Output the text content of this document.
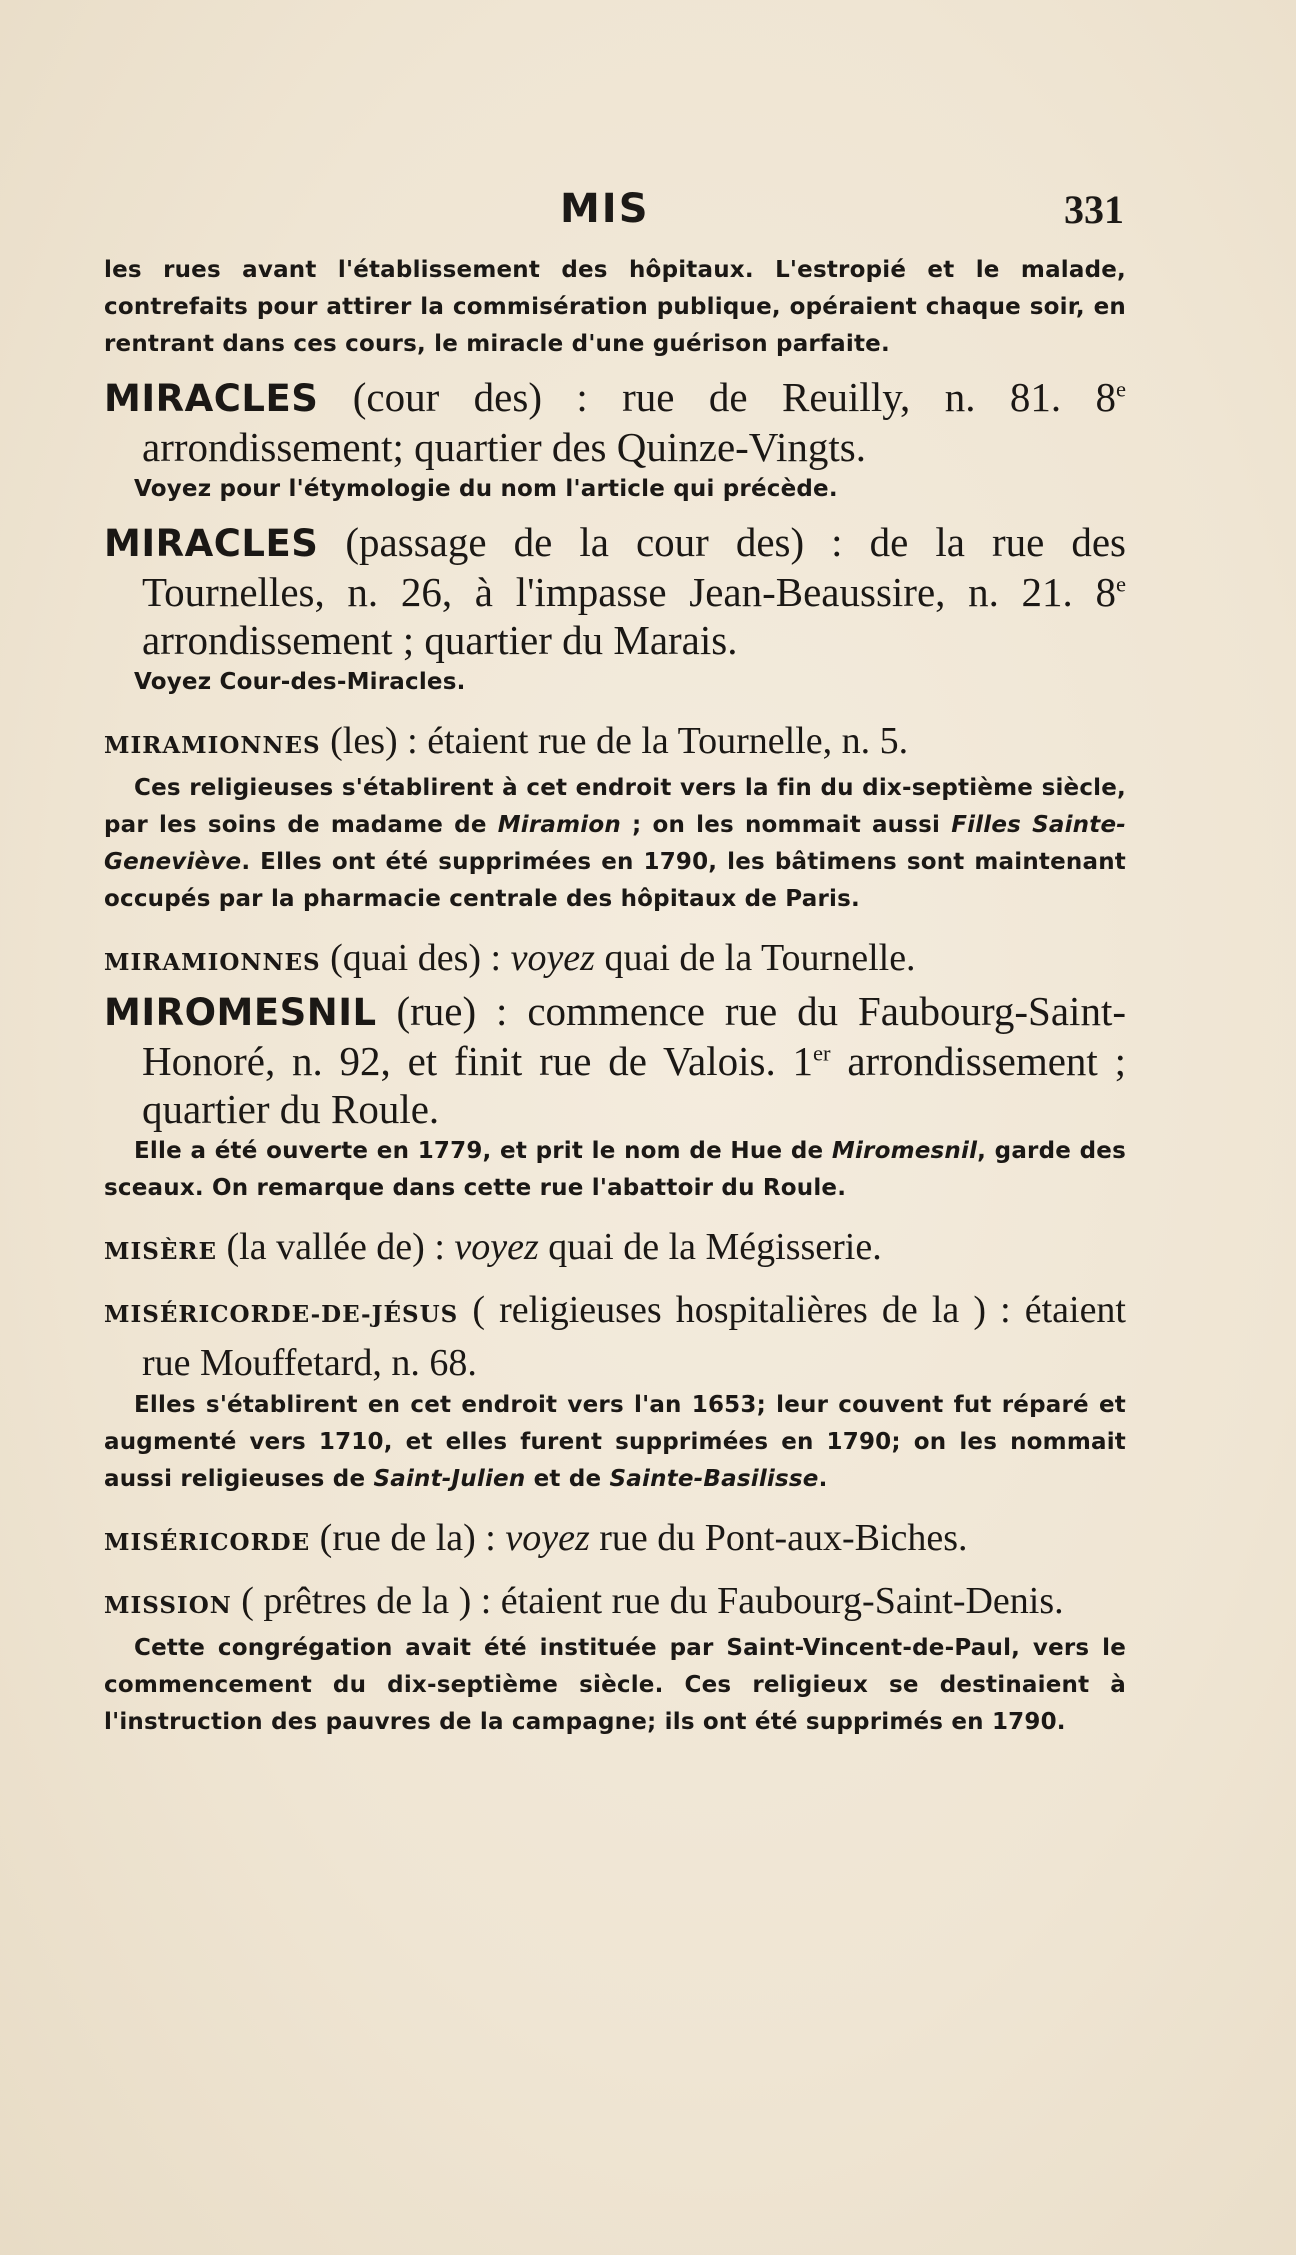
MIS	331

les rues avant l'établissement des hôpitaux. L'estropié et le malade, contrefaits pour attirer la commisération publique, opéraient chaque soir, en rentrant dans ces cours, le miracle d'une guérison parfaite.

MIRACLES (cour des) : rue de Reuilly, n. 81. 8e arrondissement; quartier des Quinze-Vingts.

Voyez pour l'étymologie du nom l'article qui précède.

MIRACLES (passage de la cour des) : de la rue des Tournelles, n. 26, à l'impasse Jean-Beaussire, n. 21. 8e arrondissement ; quartier du Marais.

Voyez Cour-des-Miracles.

MIRAMIONNES (les) : étaient rue de la Tournelle, n. 5.

Ces religieuses s'établirent à cet endroit vers la fin du dix-septième siècle, par les soins de madame de Miramion ; on les nommait aussi Filles Sainte-Geneviève. Elles ont été supprimées en 1790, les bâtimens sont maintenant occupés par la pharmacie centrale des hôpitaux de Paris.

MIRAMIONNES (quai des) : voyez quai de la Tournelle.

MIROMESNIL (rue) : commence rue du Faubourg-Saint-Honoré, n. 92, et finit rue de Valois. 1er arrondissement ; quartier du Roule.

Elle a été ouverte en 1779, et prit le nom de Hue de Miromesnil, garde des sceaux. On remarque dans cette rue l'abattoir du Roule.

MISÈRE (la vallée de) : voyez quai de la Mégisserie.

MISÉRICORDE-DE-JÉSUS ( religieuses hospitalières de la ) : étaient rue Mouffetard, n. 68.

Elles s'établirent en cet endroit vers l'an 1653; leur couvent fut réparé et augmenté vers 1710, et elles furent supprimées en 1790; on les nommait aussi religieuses de Saint-Julien et de Sainte-Basilisse.

MISÉRICORDE (rue de la) : voyez rue du Pont-aux-Biches.

MISSION ( prêtres de la ) : étaient rue du Faubourg-Saint-Denis.

Cette congrégation avait été instituée par Saint-Vincent-de-Paul, vers le commencement du dix-septième siècle. Ces religieux se destinaient à l'instruction des pauvres de la campagne; ils ont été supprimés en 1790.
